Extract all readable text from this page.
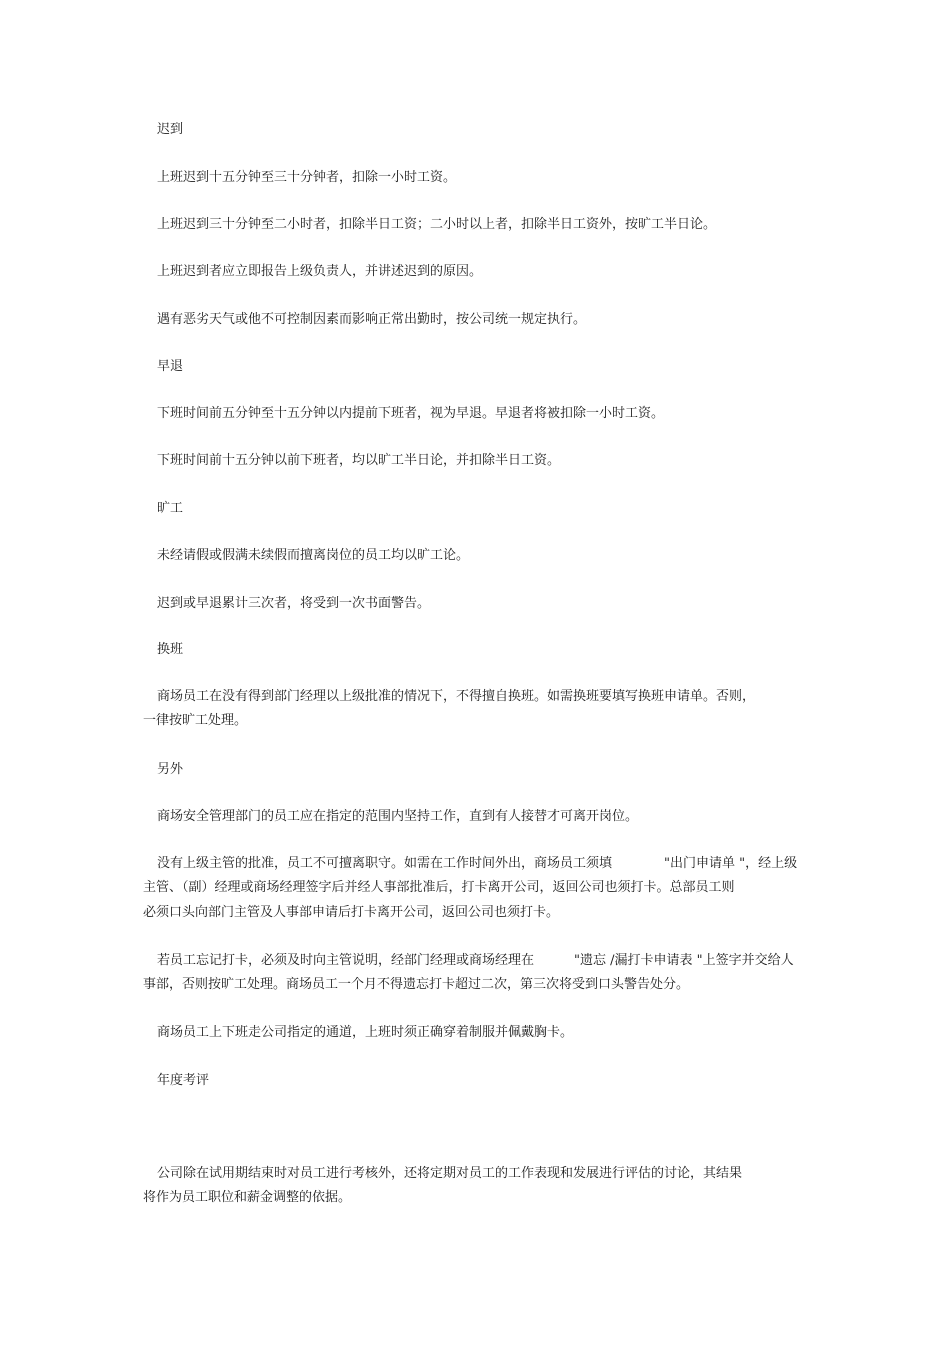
迟到
上班迟到十五分钟至三十分钟者，扣除一小时工资。
上班迟到三十分钟至二小时者，扣除半日工资；二小时以上者，扣除半日工资外，按旷工半日论。
上班迟到者应立即报告上级负责人，并讲述迟到的原因。
遇有恶劣天气或他不可控制因素而影响正常出勤时，按公司统一规定执行。
早退
下班时间前五分钟至十五分钟以内提前下班者，视为早退。早退者将被扣除一小时工资。
下班时间前十五分钟以前下班者，均以旷工半日论，并扣除半日工资。
旷工
未经请假或假满未续假而擅离岗位的员工均以旷工论。
迟到或早退累计三次者，将受到一次书面警告。
换班
商场员工在没有得到部门经理以上级批准的情况下，不得擅自换班。如需换班要填写换班申请单。否则，
一律按旷工处理。
另外
商场安全管理部门的员工应在指定的范围内坚持工作，直到有人接替才可离开岗位。
没有上级主管的批准，员工不可擅离职守。如需在工作时间外出，商场员工须填	"出门申请单 "，经上级
主管、（副）经理或商场经理签字后并经人事部批准后，打卡离开公司，返回公司也须打卡。总部员工则
必须口头向部门主管及人事部申请后打卡离开公司，返回公司也须打卡。
若员工忘记打卡，必须及时向主管说明，经部门经理或商场经理在	"遗忘 /漏打卡申请表 "上签字并交给人
事部，否则按旷工处理。商场员工一个月不得遗忘打卡超过二次，第三次将受到口头警告处分。
商场员工上下班走公司指定的通道，上班时须正确穿着制服并佩戴胸卡。
年度考评
公司除在试用期结束时对员工进行考核外，还将定期对员工的工作表现和发展进行评估的讨论，其结果
将作为员工职位和薪金调整的依据。
